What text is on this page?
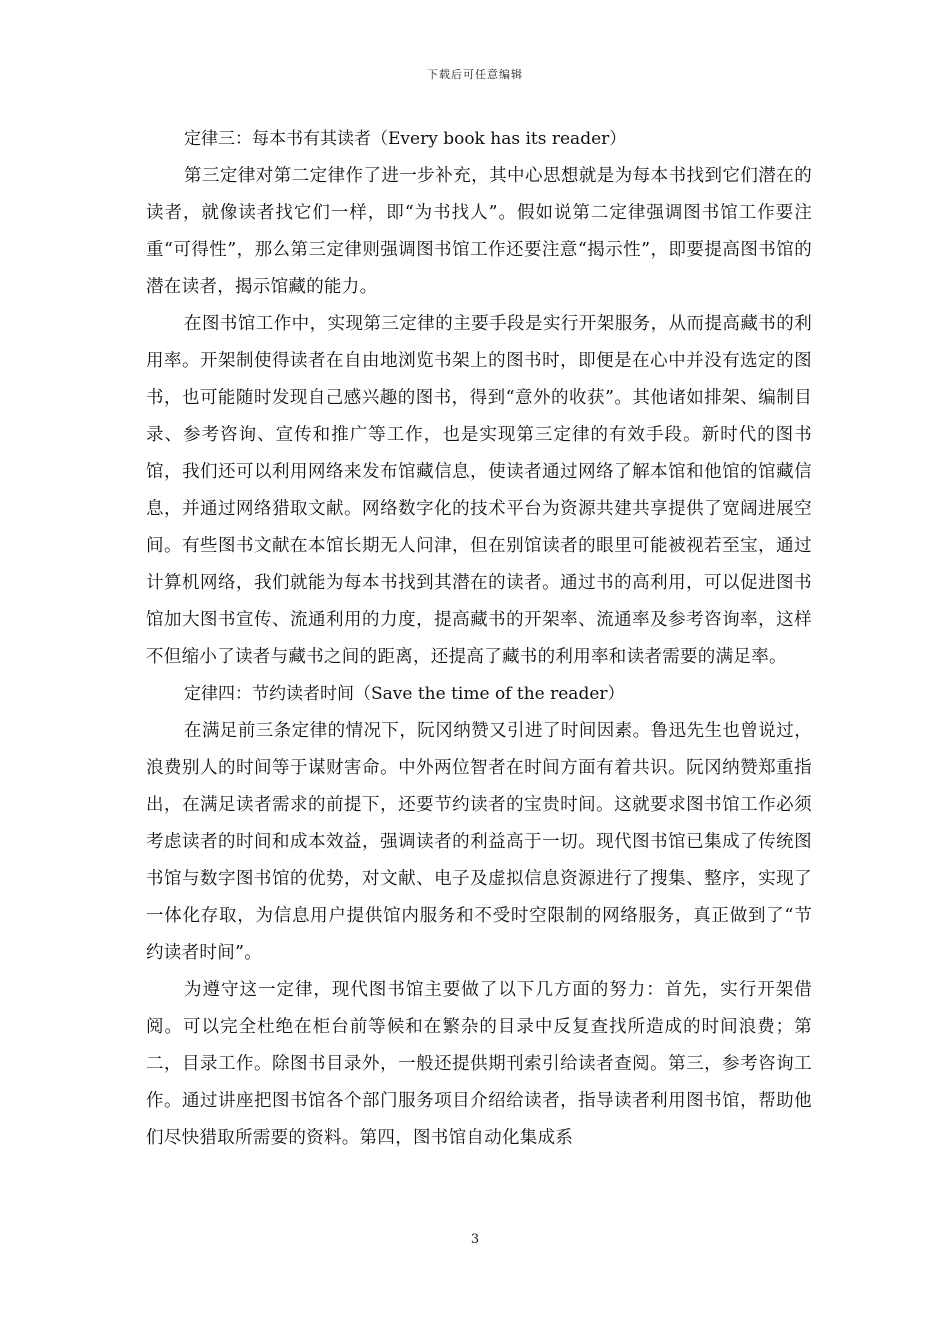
下载后可任意编辑

定律三：每本书有其读者（Every book has its reader）

第三定律对第二定律作了进一步补充，其中心思想就是为每本书找到它们潜在的读者，就像读者找它们一样，即“为书找人”。假如说第二定律强调图书馆工作要注重“可得性”，那么第三定律则强调图书馆工作还要注意“揭示性”，即要提高图书馆的潜在读者，揭示馆藏的能力。

在图书馆工作中，实现第三定律的主要手段是实行开架服务，从而提高藏书的利用率。开架制使得读者在自由地浏览书架上的图书时，即便是在心中并没有选定的图书，也可能随时发现自己感兴趣的图书，得到“意外的收获”。其他诸如排架、编制目录、参考咨询、宣传和推广等工作，也是实现第三定律的有效手段。新时代的图书馆，我们还可以利用网络来发布馆藏信息，使读者通过网络了解本馆和他馆的馆藏信息，并通过网络猎取文献。网络数字化的技术平台为资源共建共享提供了宽阔进展空间。有些图书文献在本馆长期无人问津，但在别馆读者的眼里可能被视若至宝，通过计算机网络，我们就能为每本书找到其潜在的读者。通过书的高利用，可以促进图书馆加大图书宣传、流通利用的力度，提高藏书的开架率、流通率及参考咨询率，这样不但缩小了读者与藏书之间的距离，还提高了藏书的利用率和读者需要的满足率。

定律四：节约读者时间（Save the time of the reader）

在满足前三条定律的情况下，阮冈纳赞又引进了时间因素。鲁迅先生也曾说过，浪费别人的时间等于谋财害命。中外两位智者在时间方面有着共识。阮冈纳赞郑重指出，在满足读者需求的前提下，还要节约读者的宝贵时间。这就要求图书馆工作必须考虑读者的时间和成本效益，强调读者的利益高于一切。现代图书馆已集成了传统图书馆与数字图书馆的优势，对文献、电子及虚拟信息资源进行了搜集、整序，实现了一体化存取，为信息用户提供馆内服务和不受时空限制的网络服务，真正做到了“节约读者时间”。

为遵守这一定律，现代图书馆主要做了以下几方面的努力：首先，实行开架借阅。可以完全杜绝在柜台前等候和在繁杂的目录中反复查找所造成的时间浪费；第二，目录工作。除图书目录外，一般还提供期刊索引给读者查阅。第三，参考咨询工作。通过讲座把图书馆各个部门服务项目介绍给读者，指导读者利用图书馆，帮助他们尽快猎取所需要的资料。第四，图书馆自动化集成系

3
